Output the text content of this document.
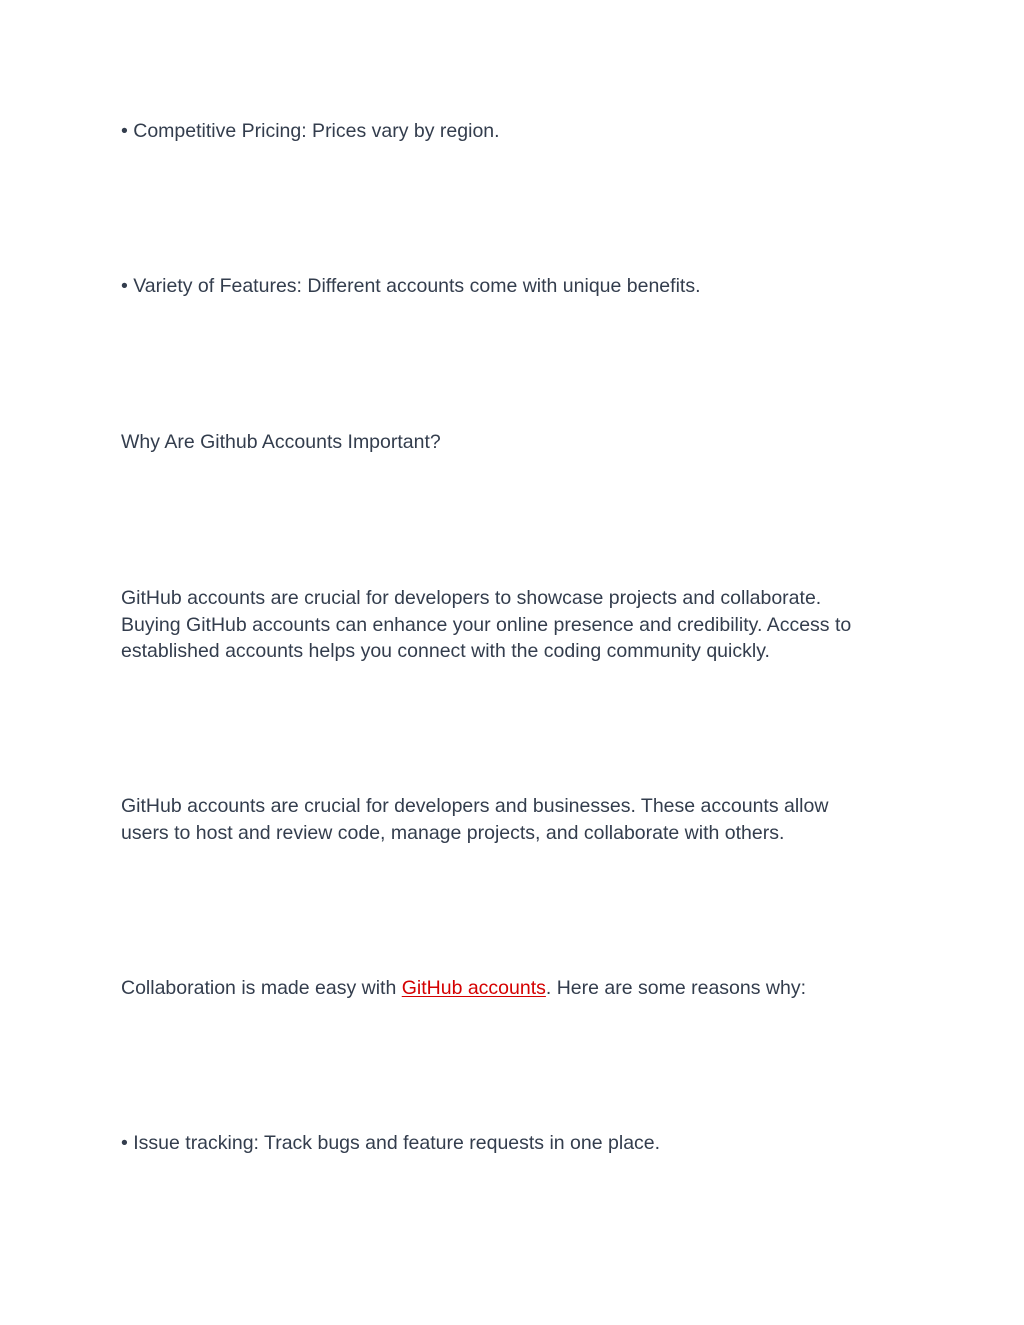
• Competitive Pricing: Prices vary by region.

• Variety of Features: Different accounts come with unique benefits.

Why Are Github Accounts Important?

GitHub accounts are crucial for developers to showcase projects and collaborate.
Buying GitHub accounts can enhance your online presence and credibility. Access to
established accounts helps you connect with the coding community quickly.

GitHub accounts are crucial for developers and businesses. These accounts allow
users to host and review code, manage projects, and collaborate with others.

Collaboration is made easy with GitHub accounts. Here are some reasons why:

• Issue tracking: Track bugs and feature requests in one place.
